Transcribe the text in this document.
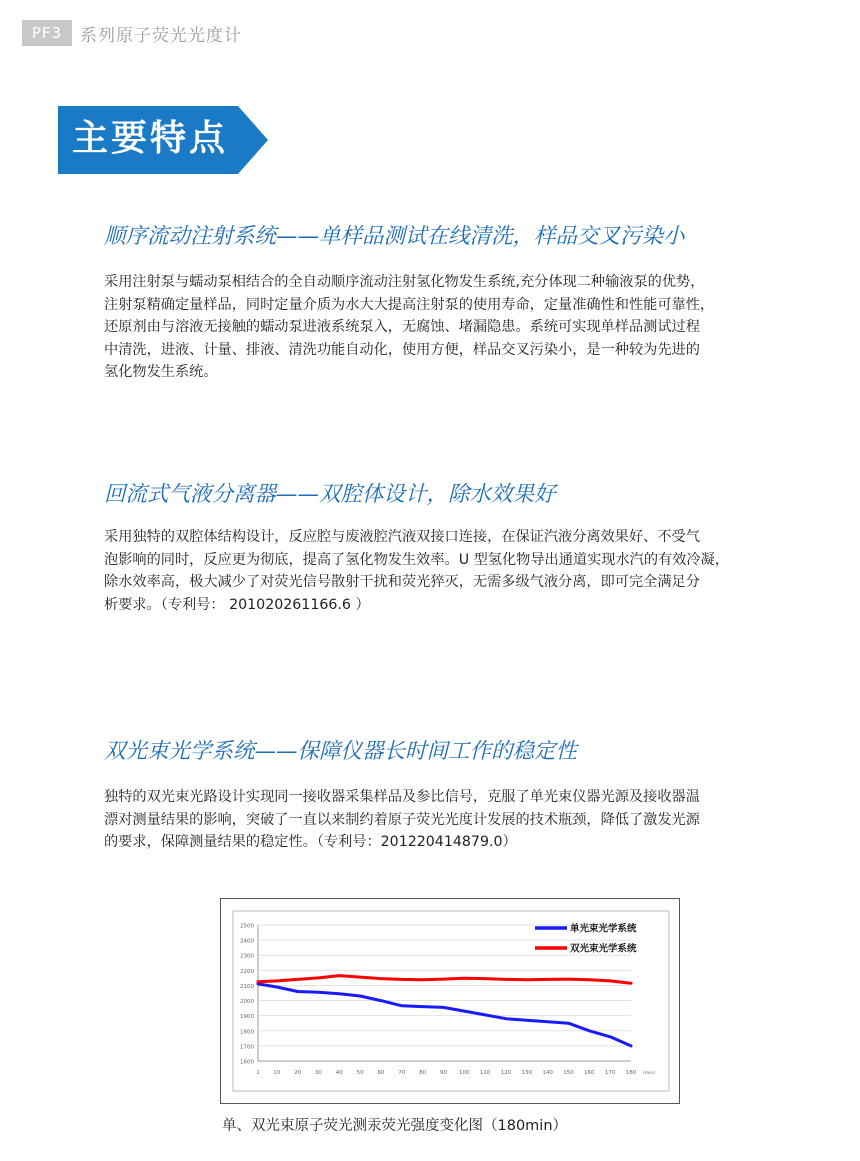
PF3	系列原子荧光光度计
主要特点
顺序流动注射系统——单样品测试在线清洗，样品交叉污染小
采用注射泵与蠕动泵相结合的全自动顺序流动注射氢化物发生系统,充分体现二种输液泵的优势，
注射泵精确定量样品，同时定量介质为水大大提高注射泵的使用寿命，定量准确性和性能可靠性，
还原剂由与溶液无接触的蠕动泵进液系统泵入，无腐蚀、堵漏隐患。系统可实现单样品测试过程
中清洗，进液、计量、排液、清洗功能自动化，使用方便，样品交叉污染小，是一种较为先进的
氢化物发生系统。
回流式气液分离器——双腔体设计，除水效果好
采用独特的双腔体结构设计，反应腔与废液腔汽液双接口连接，在保证汽液分离效果好、不受气
泡影响的同时，反应更为彻底，提高了氢化物发生效率。U 型氢化物导出通道实现水汽的有效冷凝，
除水效率高，极大减少了对荧光信号散射干扰和荧光猝灭，无需多级气液分离，即可完全满足分
析要求。（专利号： 201020261166.6 ）
双光束光学系统——保障仪器长时间工作的稳定性
独特的双光束光路设计实现同一接收器采集样品及参比信号，克服了单光束仪器光源及接收器温
漂对测量结果的影响，突破了一直以来制约着原子荧光光度计发展的技术瓶颈，降低了激发光源
的要求，保障测量结果的稳定性。（专利号：201220414879.0）
1600
1700
1800
1900
2000
2100
2200
2300
2400
2500
1 10	20	30	40	50	60	70	80	90 100 110 120 130 140 150 160 170 180 (min)
单光束光学系统
双光束光学系统
单、双光束原子荧光测汞荧光强度变化图（180min）
